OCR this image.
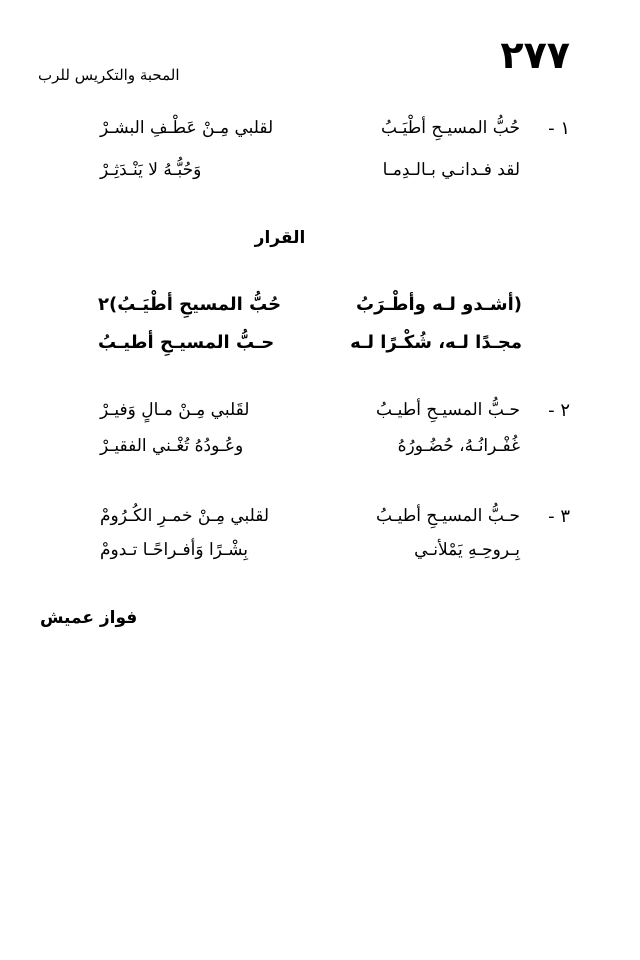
٢٧٧
المحبة والتكريس للرب
١ -
حُبُّ المسيـحِ أطْيَـبُ
لقلبي مِـنْ عَطْـفِ البشـرْ
لقد فـدانـي بـالـدِمـا
وَحُبُّـهُ لا يَنْـدَثِـرْ
القرار
(أشـدو لـه وأطْـرَبُ
حُبُّ المسيحِ أطْيَـبُ)٢
مجـدًا لـه، شُكْـرًا لـه
حـبُّ المسيـحِ أطيـبُ
٢ -
حـبُّ المسيـحِ أطيـبُ
لقَلبي مِـنْ مـالٍ وَفيـرْ
غُفْـرانُـهُ، حُضُـورُهُ
وعُـودُهُ تُغْـني الفقيـرْ
٣ -
حـبُّ المسيـحِ أطيـبُ
لقلبي مِـنْ خمـرِ الكُـرُومْ
بِـروحِـهِ يَمْلأنـي
بِشْـرًا وَأفـراحًـا تـدومْ
فواز عميش
